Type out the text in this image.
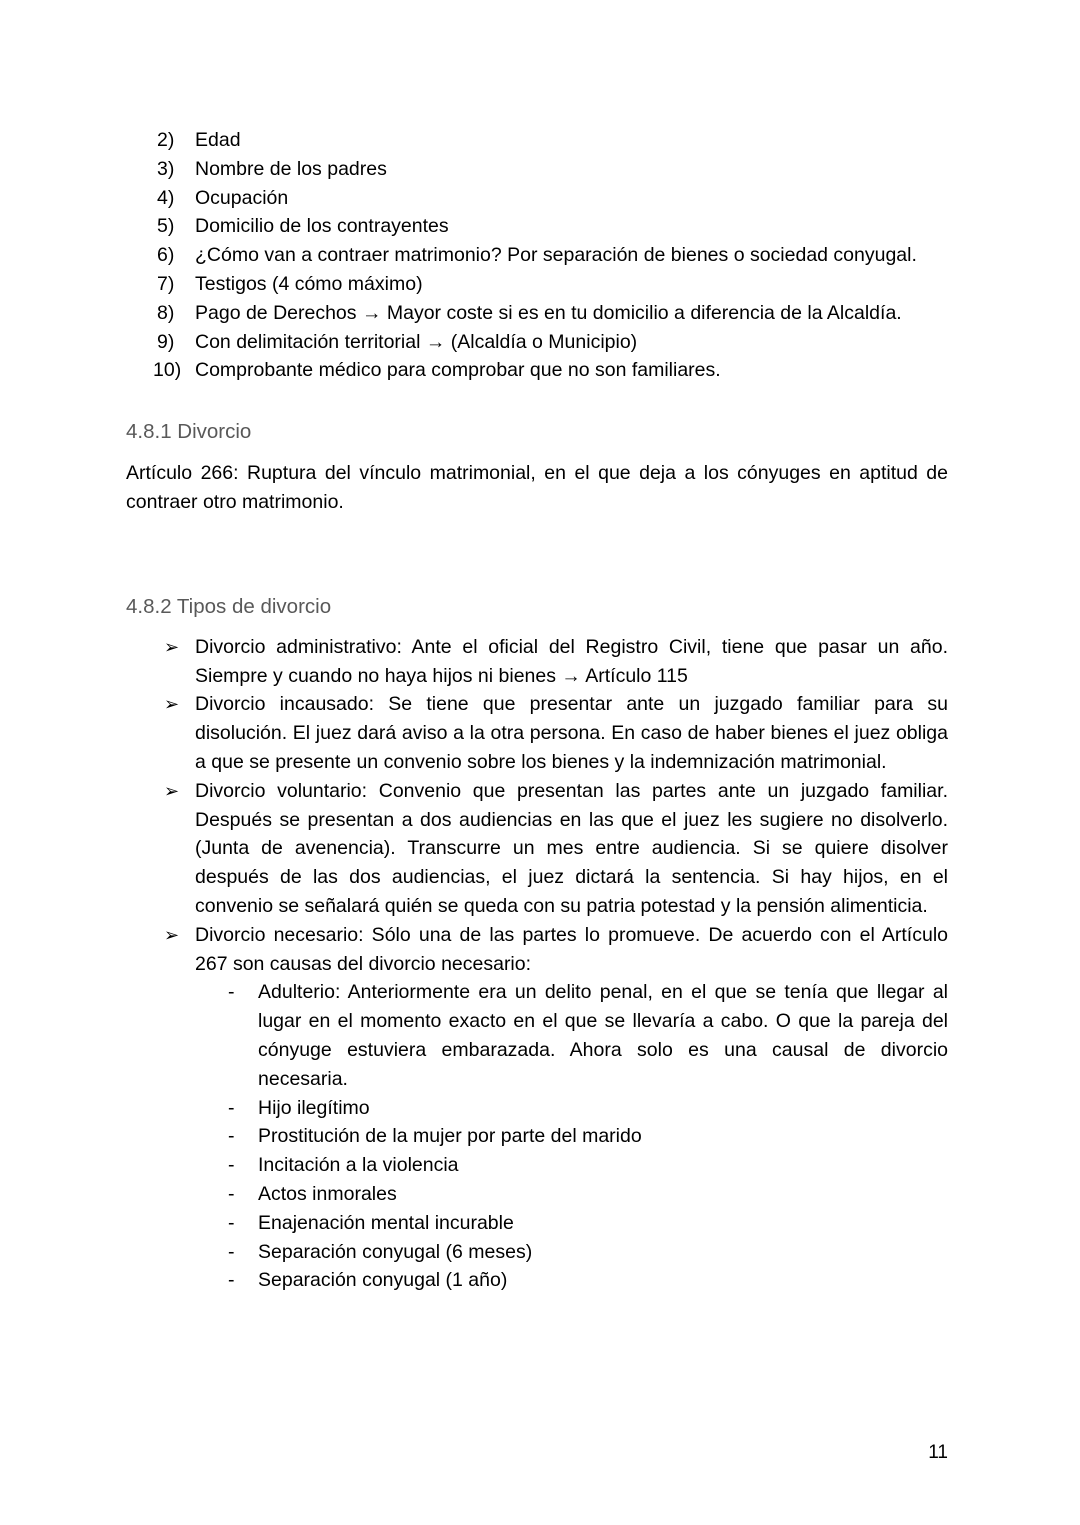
2)	Edad
3)	Nombre de los padres
4)	Ocupación
5)	Domicilio de los contrayentes
6)	¿Cómo van a contraer matrimonio? Por separación de bienes o sociedad conyugal.
7)	Testigos (4 cómo máximo)
8)	Pago de Derechos → Mayor coste si es en tu domicilio a diferencia de la Alcaldía.
9)	Con delimitación territorial → (Alcaldía o Municipio)
10) Comprobante médico para comprobar que no son familiares.
4.8.1 Divorcio

Artículo 266: Ruptura del vínculo matrimonial, en el que deja a los cónyuges en aptitud de contraer otro matrimonio.

4.8.2 Tipos de divorcio
➢ Divorcio administrativo: Ante el oficial del Registro Civil, tiene que pasar un año. Siempre y cuando no haya hijos ni bienes → Artículo 115
➢ Divorcio incausado: Se tiene que presentar ante un juzgado familiar para su disolución. El juez dará aviso a la otra persona. En caso de haber bienes el juez obliga a que se presente un convenio sobre los bienes y la indemnización matrimonial.
➢ Divorcio voluntario: Convenio que presentan las partes ante un juzgado familiar. Después se presentan a dos audiencias en las que el juez les sugiere no disolverlo. (Junta de avenencia). Transcurre un mes entre audiencia. Si se quiere disolver después de las dos audiencias, el juez dictará la sentencia. Si hay hijos, en el convenio se señalará quién se queda con su patria potestad y la pensión alimenticia.
➢ Divorcio necesario: Sólo una de las partes lo promueve. De acuerdo con el Artículo 267 son causas del divorcio necesario:
- Adulterio: Anteriormente era un delito penal, en el que se tenía que llegar al lugar en el momento exacto en el que se llevaría a cabo. O que la pareja del cónyuge estuviera embarazada. Ahora solo es una causal de divorcio necesaria.
- Hijo ilegítimo
- Prostitución de la mujer por parte del marido
- Incitación a la violencia
- Actos inmorales
- Enajenación mental incurable
- Separación conyugal (6 meses)
- Separación conyugal (1 año)
11
